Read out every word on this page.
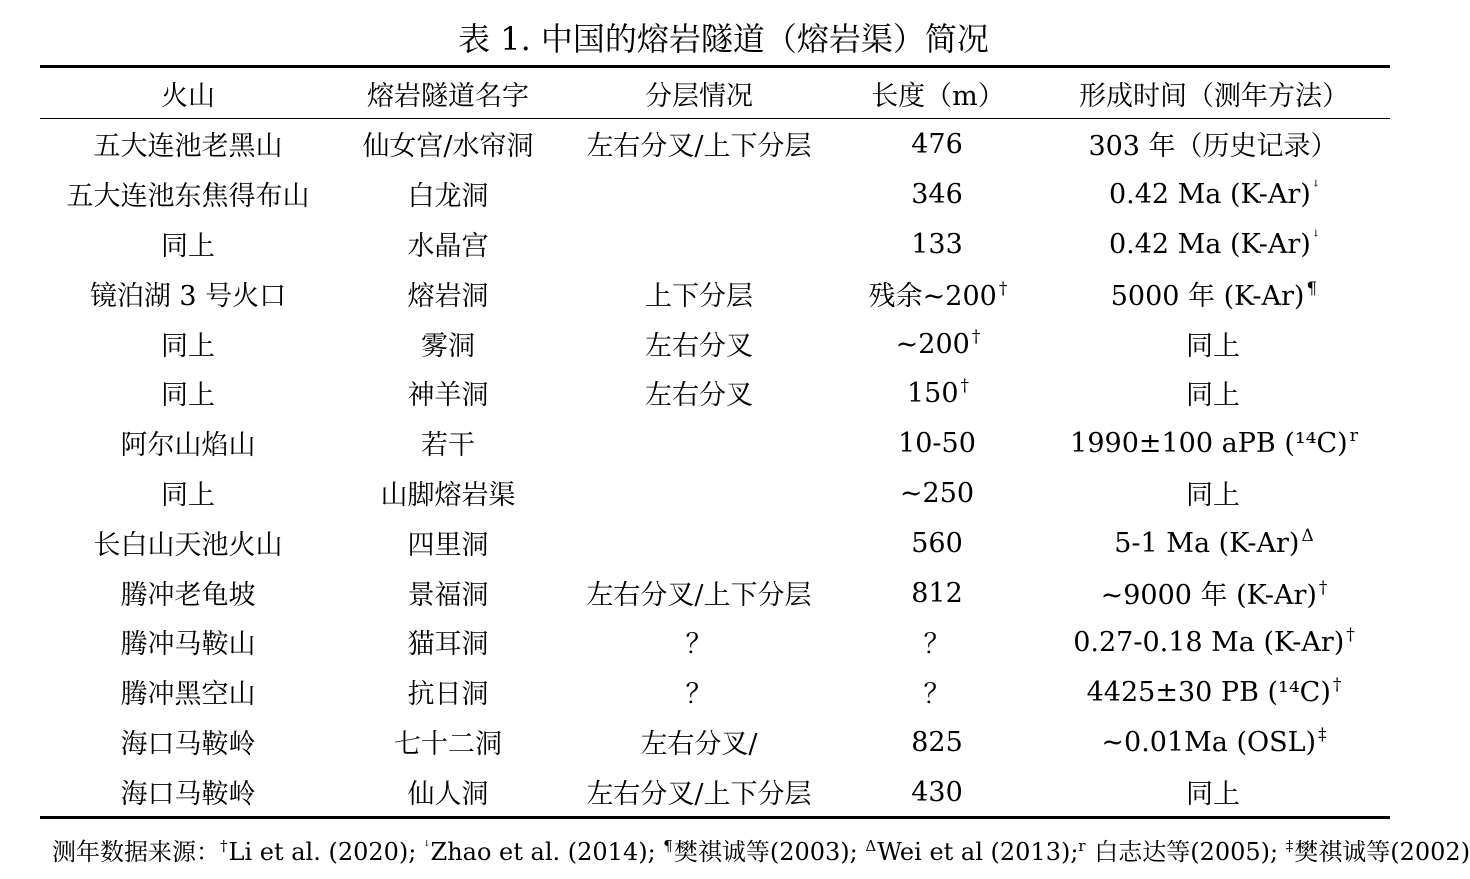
表 1. 中国的熔岩隧道（熔岩渠）简况
火山	熔岩隧道名字	分层情况	长度（m）	形成时间（测年方法）
五大连池老黑山	仙女宫/水帘洞	左右分叉/上下分层	476	303 年（历史记录）
五大连池东焦得布山	白龙洞		346	0.42 Ma (K-Ar) $^ꜜ$
同上	水晶宫		133	0.42 Ma (K-Ar) $^ꜜ$
镜泊湖 3 号火口	熔岩洞	上下分层	残余~200 †	5000 年 (K-Ar) ¶
同上	雾洞	左右分叉	~200 †	同上
同上	神羊洞	左右分叉	150 †	同上
阿尔山焰山	若干		10-50	1990±100 aPB (¹⁴C) $^r$
同上	山脚熔岩渠		~250	同上
长白山天池火山	四里洞		560	5-1 Ma (K-Ar) $^\Delta$
腾冲老龟坡	景福洞	左右分叉/上下分层	812	~9000 年 (K-Ar) †
腾冲马鞍山	猫耳洞	？	？	0.27-0.18 Ma (K-Ar) †
腾冲黑空山	抗日洞	？	？	4425±30 PB (¹⁴C) †
海口马鞍岭	七十二洞	左右分叉/	825	~0.01Ma (OSL) ‡
海口马鞍岭	仙人洞	左右分叉/上下分层	430	同上
测年数据来源：†Li et al. (2020); $^ꜜ$Zhao et al. (2014); ¶樊祺诚等(2003); $^\Delta$Wei et al (2013);$^r$ 白志达等(2005); ‡樊祺诚等(2002)
